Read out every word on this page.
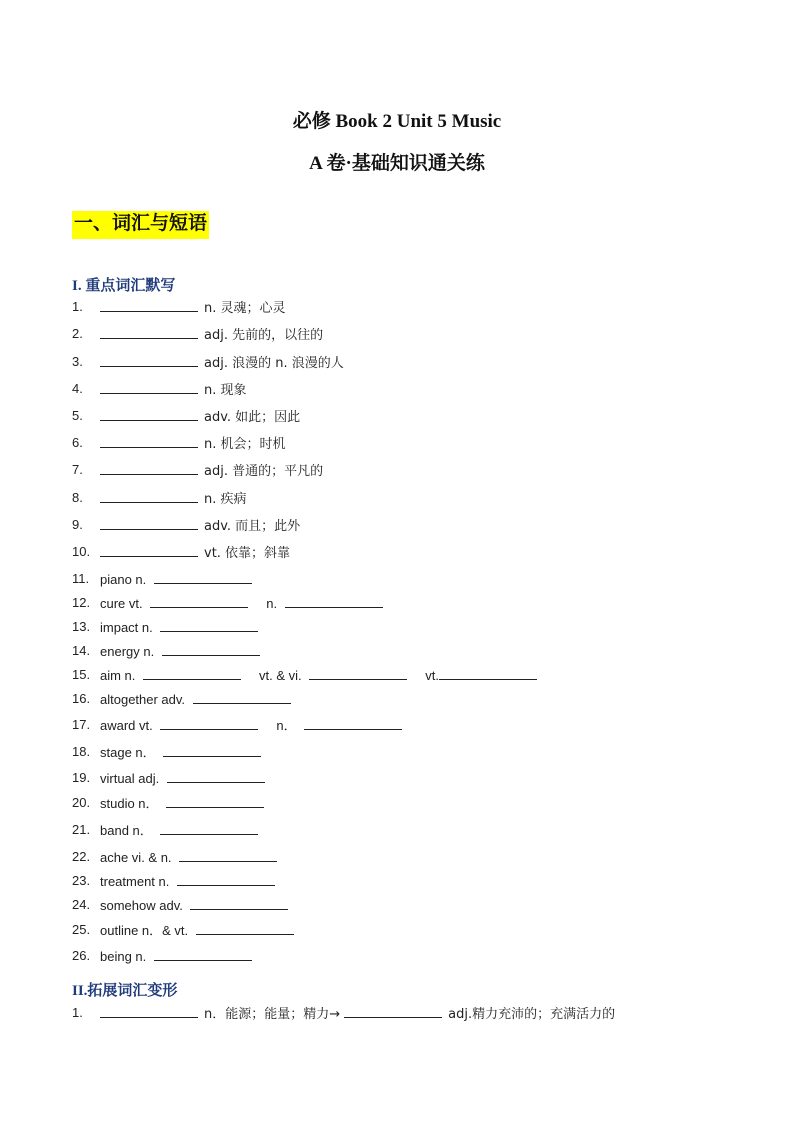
必修 Book 2 Unit 5 Music
A 卷·基础知识通关练
一、词汇与短语
I. 重点词汇默写
1.	n. 灵魂；心灵
2.	adj. 先前的，以往的
3.	adj. 浪漫的 n. 浪漫的人
4.	n. 现象
5.	adv. 如此；因此
6.	n. 机会；时机
7.	adj. 普通的；平凡的
8.	n. 疾病
9.	adv. 而且；此外
10.	vt. 依靠；斜靠
11. piano n.
12. cure vt.	n.
13. impact n.
14. energy n.
15. aim n.	vt. & vi.	vt.
16. altogether adv.
17. award vt.	n．
18. stage n．
19. virtual adj.
20. studio n．
21. band n．
22. ache vi. & n.
23. treatment n.
24. somehow adv.
25. outline n．& vt.
26. being n.
II.拓展词汇变形
1.	n．能源；能量；精力→	adj.精力充沛的；充满活力的
